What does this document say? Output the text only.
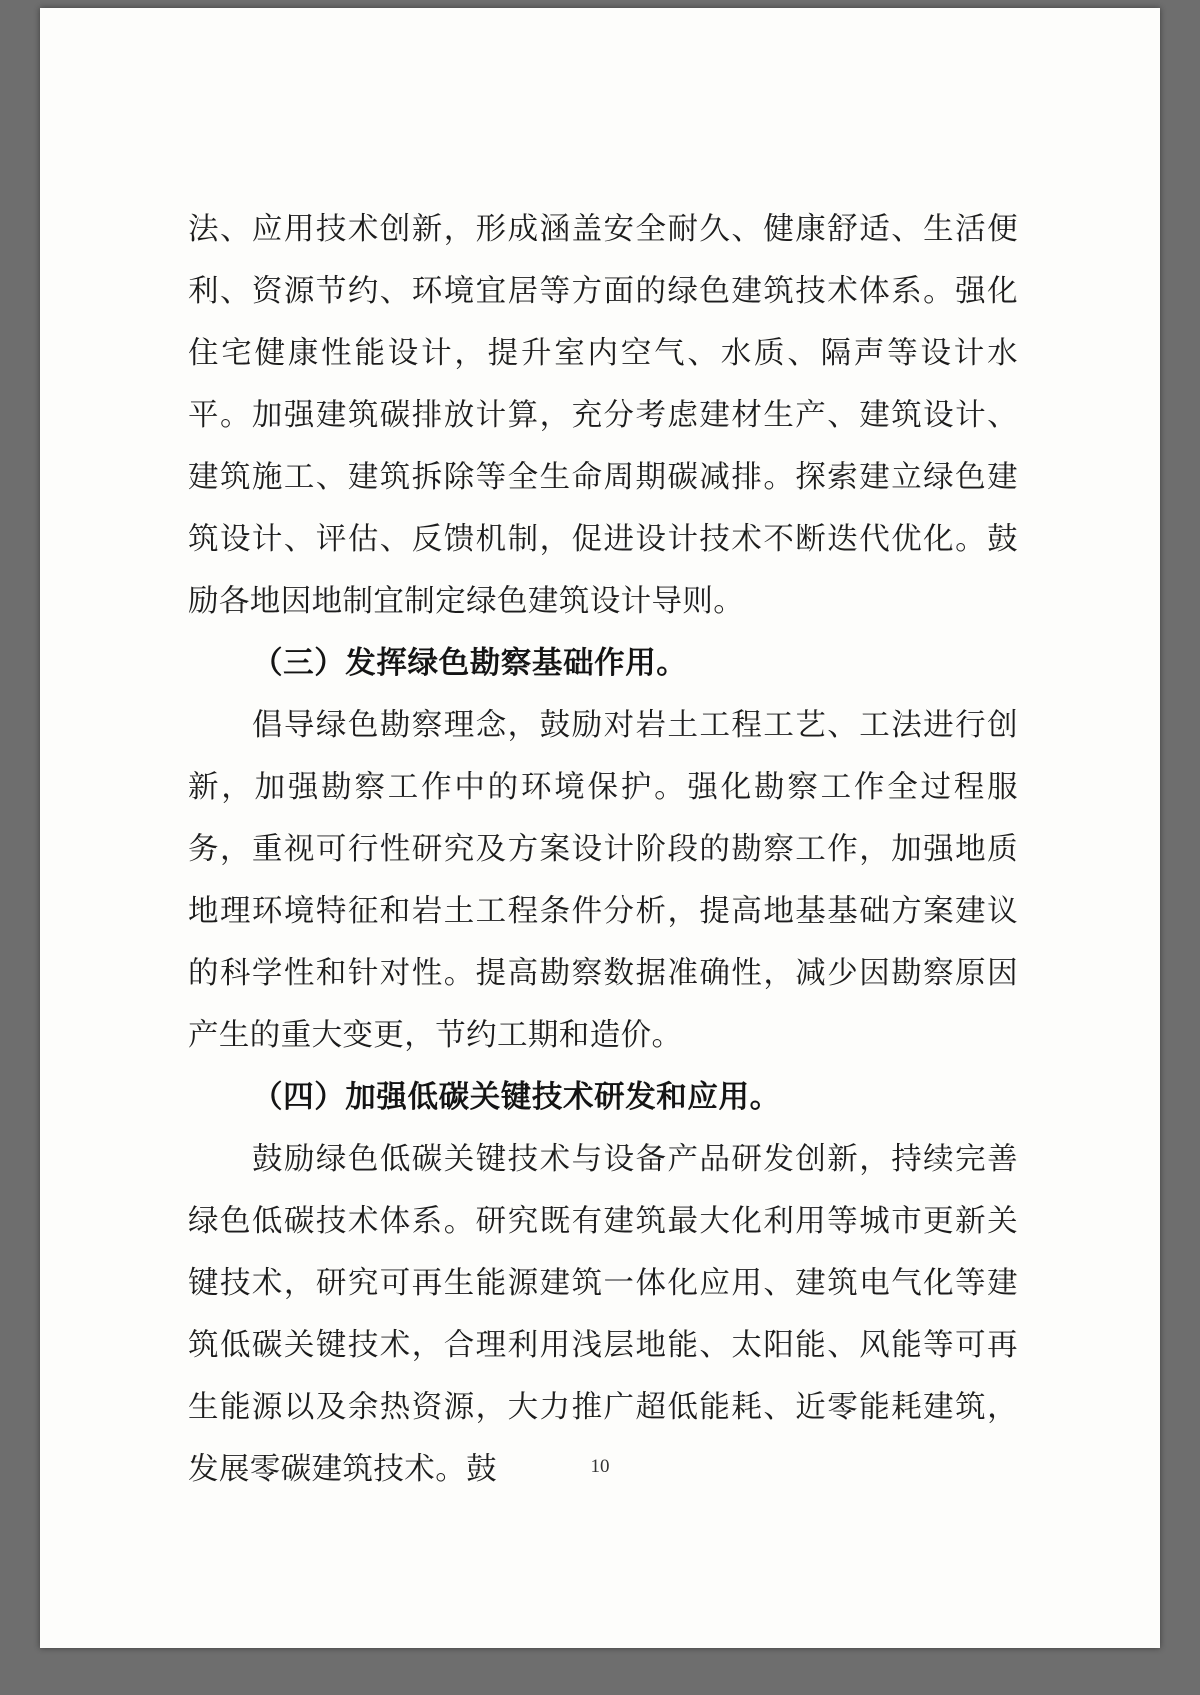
法、应用技术创新，形成涵盖安全耐久、健康舒适、生活便利、资源节约、环境宜居等方面的绿色建筑技术体系。强化住宅健康性能设计，提升室内空气、水质、隔声等设计水平。加强建筑碳排放计算，充分考虑建材生产、建筑设计、建筑施工、建筑拆除等全生命周期碳减排。探索建立绿色建筑设计、评估、反馈机制，促进设计技术不断迭代优化。鼓励各地因地制宜制定绿色建筑设计导则。

（三）发挥绿色勘察基础作用。

倡导绿色勘察理念，鼓励对岩土工程工艺、工法进行创新，加强勘察工作中的环境保护。强化勘察工作全过程服务，重视可行性研究及方案设计阶段的勘察工作，加强地质地理环境特征和岩土工程条件分析，提高地基基础方案建议的科学性和针对性。提高勘察数据准确性，减少因勘察原因产生的重大变更，节约工期和造价。

（四）加强低碳关键技术研发和应用。

鼓励绿色低碳关键技术与设备产品研发创新，持续完善绿色低碳技术体系。研究既有建筑最大化利用等城市更新关键技术，研究可再生能源建筑一体化应用、建筑电气化等建筑低碳关键技术，合理利用浅层地能、太阳能、风能等可再生能源以及余热资源，大力推广超低能耗、近零能耗建筑，发展零碳建筑技术。鼓	10
